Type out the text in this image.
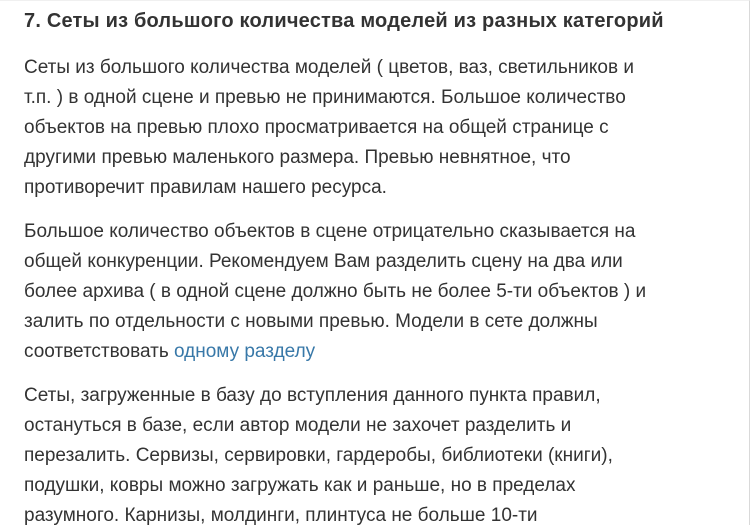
7. Сеты из большого количества моделей из разных категорий
Сеты из большого количества моделей ( цветов, ваз, светильников и
т.п. ) в одной сцене и превью не принимаются. Большое количество
объектов на превью плохо просматривается на общей странице с
другими превью маленького размера. Превью невнятное, что
противоречит правилам нашего ресурса.
Большое количество объектов в сцене отрицательно сказывается на
общей конкуренции. Рекомендуем Вам разделить сцену на два или
более архива ( в одной сцене должно быть не более 5-ти объектов ) и
залить по отдельности с новыми превью. Модели в сете должны
соответствовать одному разделу
Сеты, загруженные в базу до вступления данного пункта правил,
остануться в базе, если автор модели не захочет разделить и
перезалить. Сервизы, сервировки, гардеробы, библиотеки (книги),
подушки, ковры можно загружать как и раньше, но в пределах
разумного. Карнизы, молдинги, плинтуса не больше 10-ти
